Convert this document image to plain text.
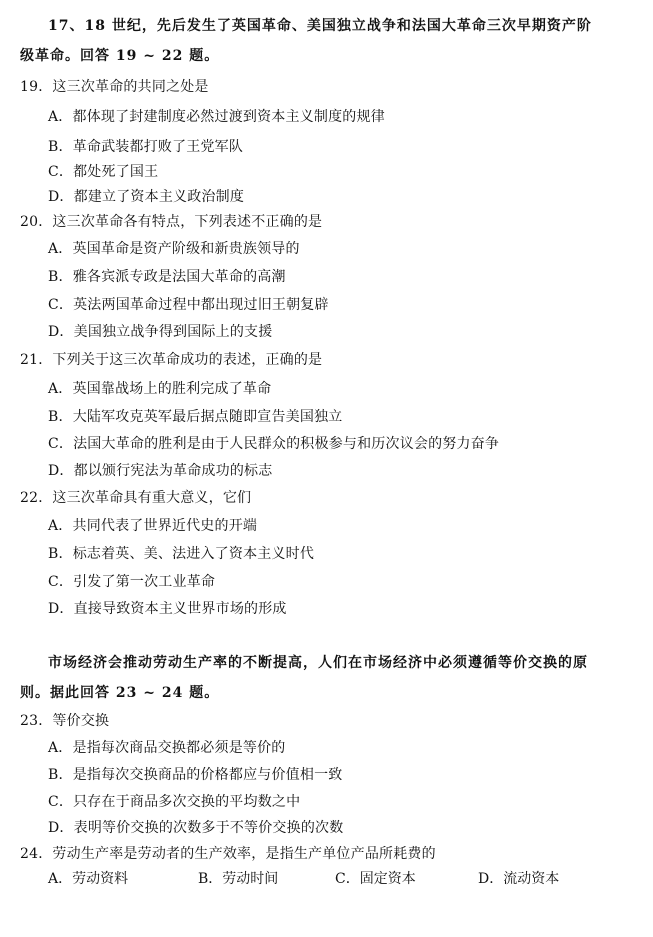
17、18 世纪，先后发生了英国革命、美国独立战争和法国大革命三次早期资产阶
级革命。回答 19 ~ 22 题。
19．这三次革命的共同之处是
A．都体现了封建制度必然过渡到资本主义制度的规律
B．革命武装都打败了王党军队
C．都处死了国王
D．都建立了资本主义政治制度
20．这三次革命各有特点，下列表述不正确的是
A．英国革命是资产阶级和新贵族领导的
B．雅各宾派专政是法国大革命的高潮
C．英法两国革命过程中都出现过旧王朝复辟
D．美国独立战争得到国际上的支援
21．下列关于这三次革命成功的表述，正确的是
A．英国靠战场上的胜利完成了革命
B．大陆军攻克英军最后据点随即宣告美国独立
C．法国大革命的胜利是由于人民群众的积极参与和历次议会的努力奋争
D．都以颁行宪法为革命成功的标志
22．这三次革命具有重大意义，它们
A．共同代表了世界近代史的开端
B．标志着英、美、法进入了资本主义时代
C．引发了第一次工业革命
D．直接导致资本主义世界市场的形成
市场经济会推动劳动生产率的不断提高，人们在市场经济中必须遵循等价交换的原
则。据此回答 23 ~ 24 题。
23．等价交换
A．是指每次商品交换都必须是等价的
B．是指每次交换商品的价格都应与价值相一致
C．只存在于商品多次交换的平均数之中
D．表明等价交换的次数多于不等价交换的次数
24．劳动生产率是劳动者的生产效率，是指生产单位产品所耗费的
A．劳动资料	B．劳动时间	C．固定资本	D．流动资本
